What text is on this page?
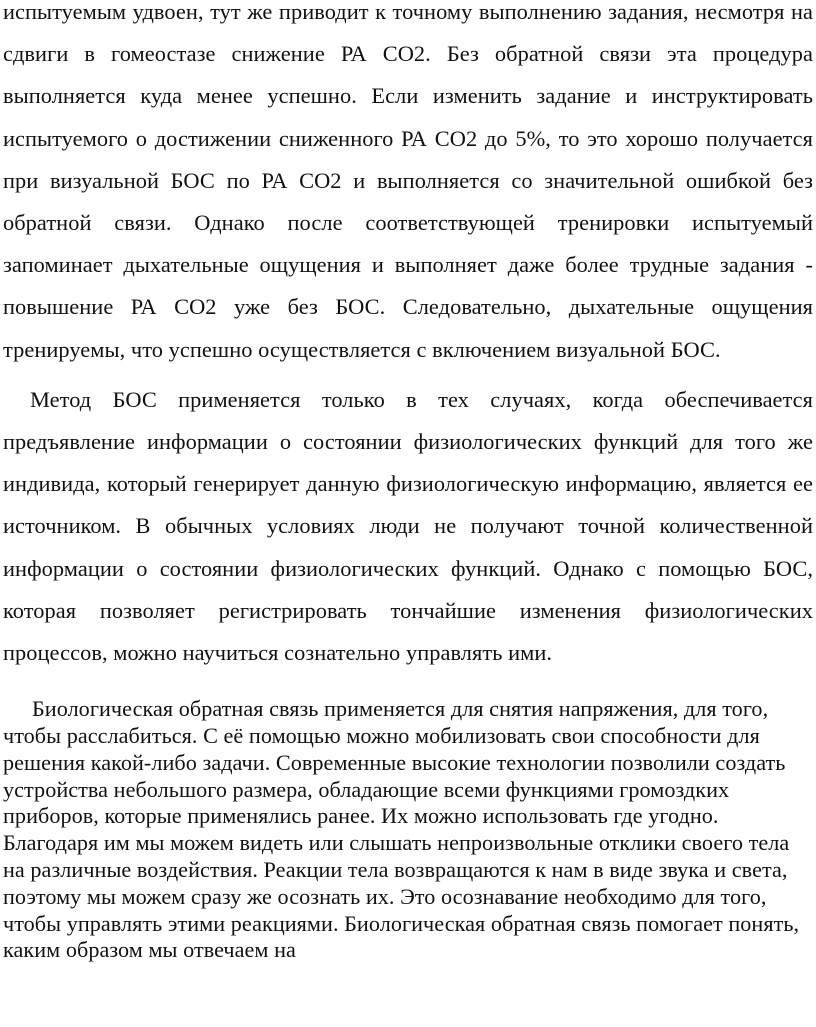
испытуемым удвоен, тут же приводит к точному выполнению задания, несмотря на сдвиги в гомеостазе снижение РА СО2. Без обратной связи эта процедура выполняется куда менее успешно. Если изменить задание и инструктировать испытуемого о достижении сниженного РА СО2 до 5%, то это хорошо получается при визуальной БОС по РА СО2 и выполняется со значительной ошибкой без обратной связи. Однако после соответствующей тренировки испытуемый запоминает дыхательные ощущения и выполняет даже более трудные задания - повышение РА СО2 уже без БОС. Следовательно, дыхательные ощущения тренируемы, что успешно осуществляется с включением визуальной БОС.

Метод БОС применяется только в тех случаях, когда обеспечивается предъявление информации о состоянии физиологических функций для того же индивида, который генерирует данную физиологическую информацию, является ее источником. В обычных условиях люди не получают точной количественной информации о состоянии физиологических функций. Однако с помощью БОС, которая позволяет регистрировать тончайшие изменения физиологических процессов, можно научиться сознательно управлять ими.

Биологическая обратная связь применяется для снятия напряжения, для того, чтобы расслабиться. С её помощью можно мобилизовать свои способности для решения какой-либо задачи. Современные высокие технологии позволили создать устройства небольшого размера, обладающие всеми функциями громоздких приборов, которые применялись ранее. Их можно использовать где угодно. Благодаря им мы можем видеть или слышать непроизвольные отклики своего тела на различные воздействия. Реакции тела возвращаются к нам в виде звука и света, поэтому мы можем сразу же осознать их. Это осознавание необходимо для того, чтобы управлять этими реакциями. Биологическая обратная связь помогает понять, каким образом мы отвечаем на
